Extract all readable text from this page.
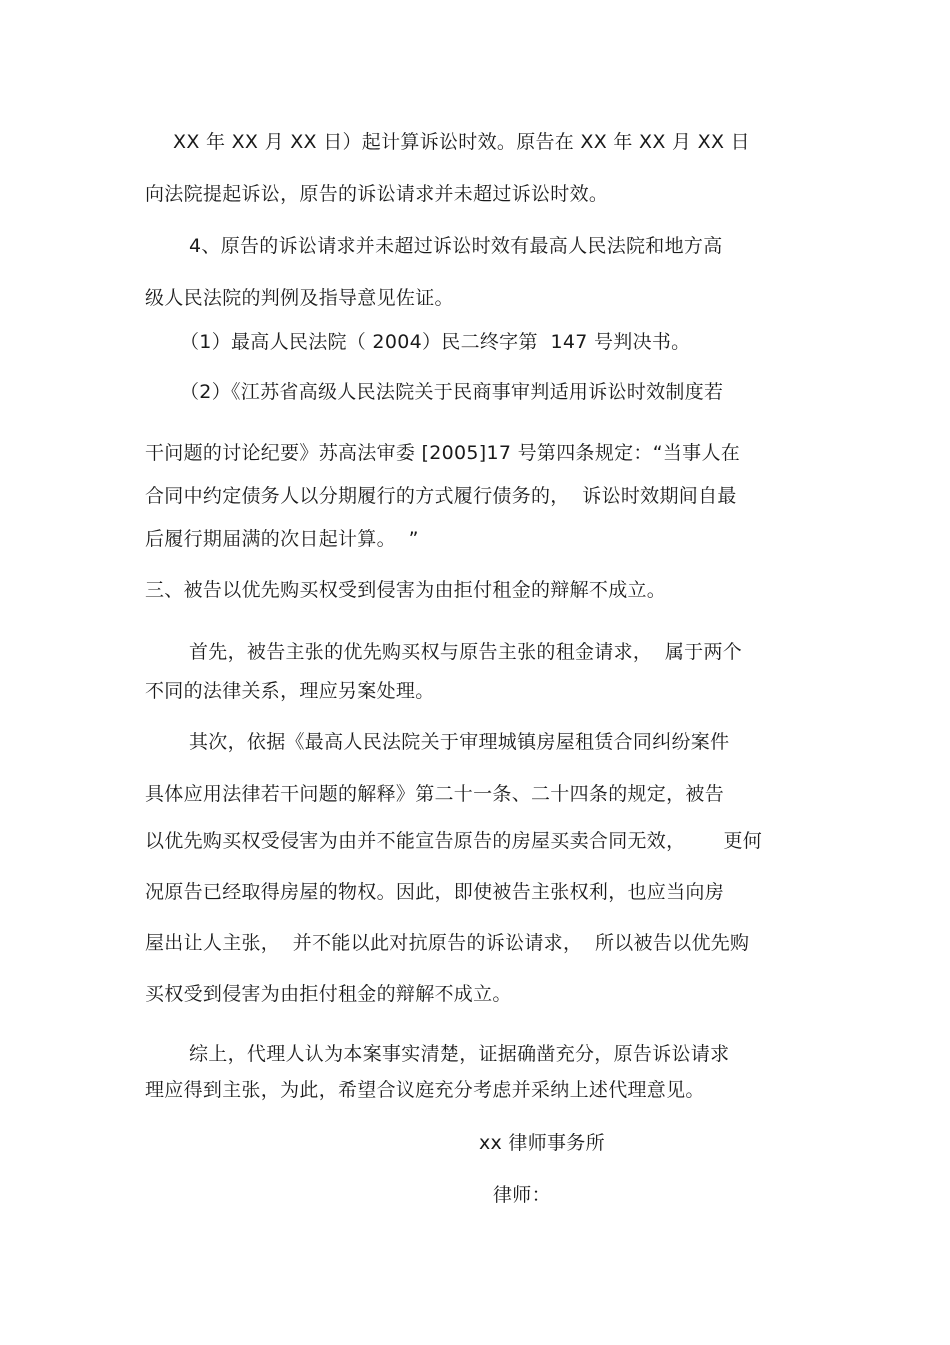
XX 年 XX 月 XX 日）起计算诉讼时效。原告在 XX 年 XX 月 XX 日
向法院提起诉讼，原告的诉讼请求并未超过诉讼时效。
4、原告的诉讼请求并未超过诉讼时效有最高人民法院和地方高
级人民法院的判例及指导意见佐证。
（1）最高人民法院（ 2004）民二终字第  147 号判决书。
（2）《江苏省高级人民法院关于民商事审判适用诉讼时效制度若
干问题的讨论纪要》苏高法审委 [2005]17 号第四条规定：“当事人在
合同中约定债务人以分期履行的方式履行债务的，  诉讼时效期间自最
后履行期届满的次日起计算。  ”
三、被告以优先购买权受到侵害为由拒付租金的辩解不成立。
首先，被告主张的优先购买权与原告主张的租金请求，  属于两个
不同的法律关系，理应另案处理。
其次，依据《最高人民法院关于审理城镇房屋租赁合同纠纷案件
具体应用法律若干问题的解释》第二十一条、二十四条的规定，被告
以优先购买权受侵害为由并不能宣告原告的房屋买卖合同无效，      更何
况原告已经取得房屋的物权。因此，即使被告主张权利，也应当向房
屋出让人主张，  并不能以此对抗原告的诉讼请求，  所以被告以优先购
买权受到侵害为由拒付租金的辩解不成立。
综上，代理人认为本案事实清楚，证据确凿充分，原告诉讼请求
理应得到主张，为此，希望合议庭充分考虑并采纳上述代理意见。
xx 律师事务所
律师：
